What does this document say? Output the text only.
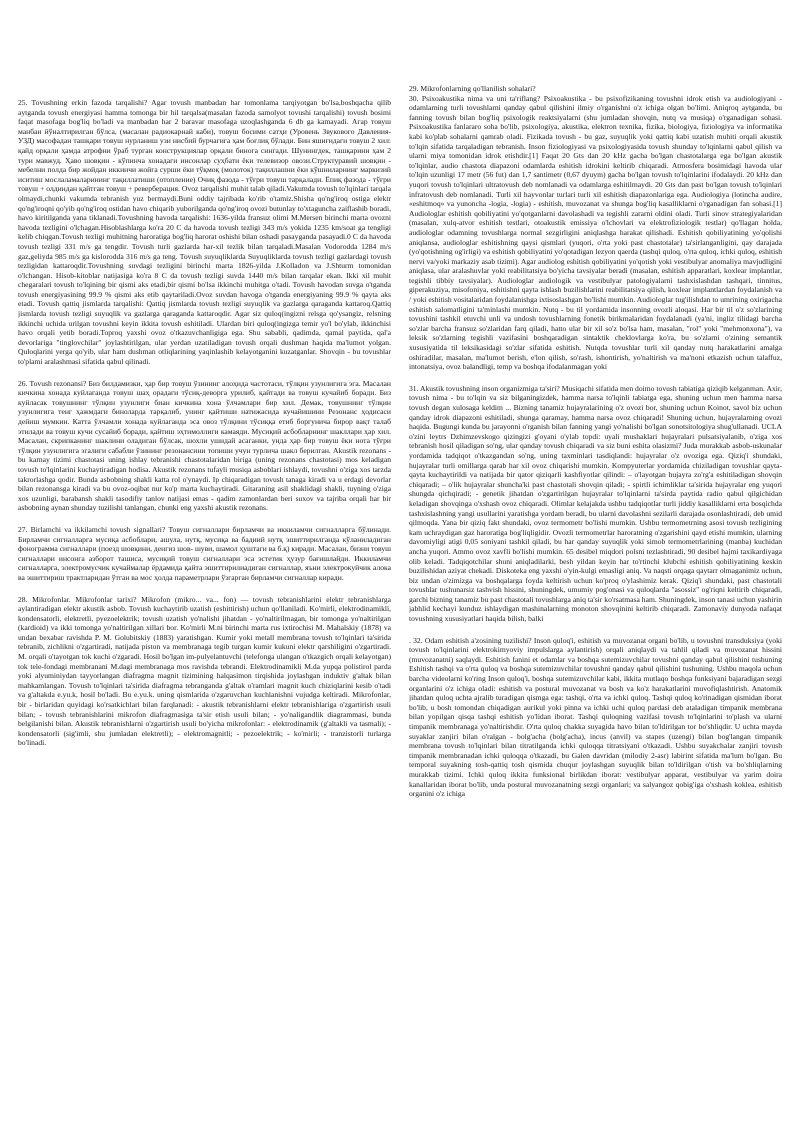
25. Tovushning erkin fazoda tarqalishi? Agar tovush manbadan har tomonlama tarqiyotgan bo'lsa,boshqacha qilib aytganda tovush energiyasi hamma tomonga bir hil tarqalsa(masalan fazoda samolyot tovushi tarqalishi) tovush bosimi faqat masofaga bog'liq bo'ladi va manbadan har 2 baravar masofaga uzoqlashganda 6 db ga kamayadi. Агар товуш манбаи йўналтирилган бўлса, (масалан радиокарнай каби), товуш босими сатҳи (Уровень Звукового Давления-УЗД) масофадан ташқари товуш нурланиш узи ниcбий бурчагига ҳам боғлиқ бўлади. Бин яшиғидаги товуш 2 хил: қайд орқали ҳамда атрофни ўраб турган конструкциялар орқали бинога сингади. Шунингдек, ташқарини ҳам 2 тури мавжуд. Ҳаво шовқин - кўпинча хонадаги инсонлар суҳбати ёки телевизор овози.Структуравий шовқин - мебелни полда бир жойдан иккинчи жойга сурши ёки тўқмоқ (молоток) тақиллашни ёки кўшниларнинг маркизий иситиш мослаламаларининг тақиллатиши (отопление) Очиқ фазода - тўғри товуш тарқалади. Ёпиқ фазода - тўғри товуш + олдиндан қайтган товуш + реверберация. Ovoz tarqalishi muhit talab qiladi.Vakumda tovush to'lqinlari tarqala olmaydi,chunki vakumda tebranish yuz bermaydi.Buni oddiy tajribada ko'rib o'tamiz.Shisha qo'ng'iroq ostiga elektr qo'ng'iroqni qo'yib qo'ng'iroq ostidan havo chiqarib yuborilganda qo'ng'iroq ovozi butunlay to'xtaguncha zaiflashib boradi, havo kiritilganda yana tiklanadi.Tovushning havoda tarqalishi: 1636-yilda fransuz olimi M.Mersen birinchi marta ovozni havoda tezligini o'lchagan.Hisoblashlarga ko'ra 20 C da havoda tovush tezligi 343 m/s yokida 1235 km/soat ga tengligi kelib chiqgan.Tovush tezligi muhitning haroratiga bog'liq harorat oshishi bilan oshadi pasayganda pasayadi.0 C da havoda tovush tezligi 331 m/s ga tengdir. Tovush turli gazlarda har-xil tezlik bilan tarqaladi.Masalan Vodorodda 1284 m/s gaz,geliyda 985 m/s ga kislorodda 316 m/s ga teng. Tovush suyuqliklarda Suyuqliklarda tovush tezligi gazlardagi tovush tezligidan kattaroqdir.Tovushning suvdagi tezligini birinchi marta 1826-yilda J.Kolladon va J.Shturm tomonidan o'lchangan. Hisob-kitoblar natijasiga ko'ra 8 C da tovush tezligi suvda 1440 m/s bilan tarqalar ekan. Ikki xil muhit chegaralari tovush to'lqining bir qismi aks etadi,bir qismi bo'lsa ikkinchi muhitga o'tadi. Tovush havodan suvga o'tganda tovush energiyasining 99.9 % qismi aks etib qaytariladi.Ovoz suvdan havoga o'tganda energiyaning 99.9 % qayta aks etadi. Tovush qattiq jismlarda tarqalishi: Qattiq jismlarda tovush tezligi suyuqlik va gazlarga qaraganda kattaroq.Qattiq jismlarda tovush tezligi suyuqlik va gazlarga qaraganda kattaroqdir. Agar siz quloq(ingizni relsga qo'ysangiz, relsning ikkinchi uchida urilgan tovushni keyin ikkita tovush eshitiladi. Ulardan biri quloq(ingizga temir yo'l bo'ylab, ikkinchisi havo orqali yetib boradi.Toproq yaxshi ovoz o'tkazuvchanligiga ega. Shu sababli, qadimda, qamal paytida, qal'a devorlariga "tinglovchilar" joylashtirilgan, ular yerdan uzatiladigan tovush orqali dushman haqida ma'lumot yolgan. Quloqlarini yerga qo'yib, ular ham dushman otliqlarining yaqinlashib kelayotganini kuzatganlar. Shovqin - bu tovushlar to'plami aralashmasi sifatida qabul qilinadi.

26. Tovush rezonansi? Биз билдамизки, ҳар бир товуш ўзининг алоҳида частотаси, тўлқин узунлигига эга. Масалан кичкина хонада куйлаганда товуш шаҳ орадаги тўсиқ-деворга урилиб, қайтади ва товуш кучайиб боради. Биз куйласак товушнинг тўлқин узунлиги биан кичкина хона ўлчамлари бир хил. Демак, товушнинг тўлқин узунлигига тенг ҳажмдаги биноларда тарқалиб, унинг қайтиши натижасида кучайишини Резонанс ҳодисаси дейиш мумкин. Катта ўлчамли хонада куйлаганда эса овоз тўлқини тўсиққа етиб боргунича бирор вақт талаб этилади ва товуш кучи сусайиб боради, қайтиш эҳтимоллиги камаяди. Мусиқий асбобларнинг шакллари ҳар хил. Масалан, скрипканинг шаклини оладиган бўлсак, шохли ушидай асаганки, унда ҳар бир товуш ёки нота тўғри тўлқин узунлигига эгалиги сабабли ўзининг резонансини топиши учун турлича шакл берилган. Akustik rezonans - bu karnay tizimi chastotasi uning ishlay tebranishi chastotalaridan biriga (uning rezonans chastotasi) mos keladigan tovush to'lqinlarini kuchaytiradigan hodisa. Akustik rezonans tufayli musiqa asboblari ishlaydi, tovushni o'ziga xos tarzda takrorlashga qodir. Bunda asbobning shakli katta rol o'ynaydi. Ip chiqaradigan tovush tanaga kiradi va u erdagi devorlar bilan rezonansga kiradi va bu ovoz-oqibat nur ko'p marta kuchaytiradi. Gitaraning asil shaklidagi shakli, tuyning o'ziga xos uzunligi, barabansh shakli tasodifiy tanlov natijasi emas - qadim zamonlardan beri suxov va tajriba orqali har bir asbobning aynan shunday tuzilishi tanlangan, chunki eng yaxshi akustik rezonans.

27. Birlamchi va ikkilamchi tovush signallari? Товуш сигналлари бирламчи ва иккиламчи сигналларга бўлинади. Бирламчи сигналларга мусиқа асбоблари, ашула, нутқ, мусиқа ва бадиий нутқ эшиттирилганда кўланиладиган фонограмма сигналлари (поезд шовқини, денгиз шов- шуви, шамол ҳуштаги ва б.қ) киради. Масалан, бизни товуш сигналлари инсонга азборот ташиса, мусиқий товуш сигналлари эса эстетик ҳузур бағишлайди. Иккиламчи сигналларга, электромусчик кучаймалар ёрдамида қайта эшиттирилиадиган сигналлар, яъни электрокуйчик алока ва эшиттириш трактларидан ўтган ва мос ҳолда параметрлари ўзгарган бирламчи сигналлар киради.

28. Mikrofonlar. Mikrofonlar tarixi? Mikrofon (mikro... va... fon) — tovush tebranishlarini elektr tebranishlarga aylantiradigan elektr akustik asbob. Tovush kuchaytirib uzatish (eshittirish) uchun qo'llaniladi. Ko'mirli, elektrodinamikli, kondensatorli, elektretli, pyezoelektrik; tovush uzatish yo'nalishi jihatdan - yo'naltirilmagan, bir tomonga yo'naltirilgan (kardioid) va ikki tomonga yo'naltirilgan xillari bor. Ko'mirli M.ni birinchi marta rus ixtirochisi M. Mahalskiy (1878) va undan bexabar ravishda P. M. Golubitskiy (1883) yaratishgan. Kumir yoki metall membrana tovush to'lqinlari ta'sirida tebranib, zichlikni o'zgartiradi, natijada piston va membranaga tegib turgan kumir kukuni elektr qarshiligini o'zgartiradi. M. orqali o'tayotgan tok kuchi o'zgaradi. Hosil bo'lgan im-pulyelantuvchi (telefonga ulangan o'tkazgich orqali kelayotgan) tok tele-fondagi membranani M.dagi membranaga mos ravishda tebrandi. Elektrodinamikli M.da yupqa polistirol parda yoki alyuminiydan tayyorlangan diafragma magnit tizimining halqasimon tirqishida joylashgan induktiv g'altak bilan mahkamlangan. Tovush to'lqinlari ta'sirida diafragma tebranganda g'altak o'ramlari magnit kuch chiziqlarini kesib o'tadi va g'altakda e.yu.k, hosil bo'ladi. Bu e.yu.k. uning qismlarida o'zgaruvchan kuchlanishni vujudga keltiradi. Mikrofonlar, bir - birlaridan quyidagi ko'rsatkichlari bilan farqlanadi: - akustik tebranishlarni elektr tebranishlariga o'zgartirish usuli bilan; - tovush tebranishlarini mikrofon diafragmasiga ta'sir etish usuli bilan; - yo'naligandlik diagrammasi, bunda belgilanishi bilan. Akustik tebranishlarni o'zgartirish usuli bo'yicha mikrofonlar: - elektrodinamik (g'altakli va tasmali); - kondensatorli (sig'imli, shu jumladan elektretli); - elektromagnitli; - pezoelektrik; - ko'mirli; - tranzistorli turlarga bo'linadi.

29. Mikrofonlarning qo'llanilish sohalari?

30. Psixoakustika nima va uni ta'riflang? Psixoakustika - bu psixofizikaning tovushni idrok etish va audiologiyani - odamlarning turli tovushlarni qanday qabul qilishini ilmiy o'rganishni o'z ichiga olgan bo'limi. Aniqroq aytganda, bu fanning tovush bilan bog'liq psixologik reaktsiyalarni (shu jumladan shovqin, nutq va musiqa) o'rganadigan sohasi. Psixoakustika fanlararo soha bo'lib, psixologiya, akustika, elektron texnika, fizika, biologiya, fiziologiya va informatika kabi ko'plab sohalarni qamrab oladi. Fizikada tovush - bu gaz, suyuqlik yoki qattiq kabi uzatish muhiti orqali akustik to'lqin sifatida tarqaladigan tebranish. Inson fiziologiyasi va psixologiyasida tovush shunday to'lqinlarni qabul qilish va ularni miya tomonidan idrok etishdir.[1] Faqat 20 Gts dan 20 kHz gacha bo'lgan chastotalarga ega bo'lgan akustik to'lqinlar, audio chastota diapazoni odamlarda eshitish idrokini keltirib chiqaradi. Atmosfera bosimidagi havoda ular to'lqin uzunligi 17 metr (56 fut) dan 1,7 santimetr (0,67 dyuym) gacha bo'lgan tovush to'lqinlarini ifodalaydi. 20 kHz dan yuqori tovush to'lqinlari ultratovush deb nomlanadi va odamlarga eshitilmaydi. 20 Gts dan past bo'lgan tovush to'lqinlari infratovush deb nomlanadi. Turli xil hayvonlar turlari turli xil eshitish diapazonlariga ega. Audiologiya (lotincha audire, «eshitmoq» va yunoncha -logia, -logia) - eshitish, muvozanat va shunga bog'liq kasalliklarni o'rganadigan fan sohasi.[1] Audiologlar eshitish qobiliyatini yo'qotganlarni davolashadi va tegishli zararni oldini oladi. Turli sinov strategiyalaridan (masalan, xulq-atvor eshitish testlari, otoakustik emissiya o'lchovlari va elektrofiziologik testlar) qo'llagan holda, audiologlar odamning tovushlarga normal sezgirligini aniqlashga harakat qilishadi. Eshitish qobiliyatining yo'qolishi aniqlansa, audiologlar eshitishning qaysi qismlari (yuqori, o'rta yoki past chastotalar) ta'sirlanganligini, qay darajada (yo'qotishning og'irligi) va eshitish qobiliyatini yo'qotadigan lezyon qaerda (tashqi quloq, o'rta quloq, ichki quloq, eshitish nervi va/yoki markaziy asab tizimi). Agar audiolog eshitish qobiliyatini yo'qotish yoki vestibulyar anomaliya mavjudligini aniqlasa, ular aralashuvlar yoki reabilitatsiya bo'yicha tavsiyalar beradi (masalan, eshitish apparatlari, koxlear implantlar, tegishli tibbiy tavsiyalar). Audiologlar audiologik va vestibulyar patologiyalarni tashxislashdan tashqari, tinnitus, giperakuziya, misofoniya, eshitishni qayta ishlash buzilishlarini reabilitatsiya qilish, koxlear implantlardan foydalanish va / yoki eshitish vositalaridan foydalanishga ixtisoslashgan bo'lishi mumkin. Audiologlar tug'ilishdan to umrining oxirigacha eshitish salomatligini ta'minlashi mumkin. Nutq - bu til yordamida insonning ovozli aloqasi. Har bir til o'z so'zlarining tovushini tashkil etuvchi unli va undosh tovushlarning fonetik birikmalaridan foydalanadi (ya'ni, ingliz tilidagi barcha so'zlar barcha fransuz so'zlaridan farq qiladi, hatto ular bir xil so'z bo'lsa ham, masalan, "rol" yoki "mehmonxona"), va leksik so'zlarning tegishli vazifasini boshqaradigan sintaktik cheklovlarga ko'ra, bu so'zlarni o'zining semantik xususiyatida til leksikasidagi so'zlar sifatida eshitish. Nutqda tovushlar turli xil qanday nutq harakatlarini amalga oshiradilar, masalan, ma'lumot berish, e'lon qilish, so'rash, ishontirish, yo'naltirish va ma'noni etkazish uchun talaffuz, intonatsiya, ovoz balandligi, temp va boshqa ifodalanmagan yoki

31. Akustik tovushning inson organizmiga ta'siri? Musiqachi sifatida men doimo tovush tabiatiga qiziqib kelganman. Axir, tovush nima - bu to'lqin va siz bilganingizdek, hamma narsa to'lqinli tabiatga ega, shuning uchun men hamma narsa tovush degan xulosaga keldim ... Bizning tanamiz hujayralarining o'z ovozi bor, shuning uchun Koinot, savol biz uchun qanday idrok diapazoni eshitiladi, shunga qaramay, hamma narsa ovoz chiqaradi! Shuning uchun, hujayralarning ovozi haqida. Bugungi kunda bu jarayonni o'rganish bilan fanning yangi yo'nalishi bo'lgan sonotsitologiya shug'ullanadi. UCLA o'zini leytrs Dzhimzevskogo qizingizi g'oyani o'ylab topdi: uyali mushaklari hujayralari pulsatsiyalanib, o'ziga xos tebranish hosil qiladigan so'ng, ular qanday tovush chiqaradi va siz buni eshita olasizmi? Juda murakkab asbob-uskunalar yordamida tadqiqot o'tkazgandan so'ng, uning taxminlari tasdiqlandi: hujayralar o'z ovoziga ega. Qiziq'i shundaki, hujayralar turli omillarga qarab har xil ovoz chiqarishi mumkin. Kompyuterlar yordamida chiziladigan tovushlar qayta-qayta kuchaytirildi va natijada bir qator qiziqarli kashfiyotlar qilindi: – o'layotgan hujayra zo'rg'a eshitiladigan shovqin chiqaradi; – o'lik hujayralar shuncha'ki past chastotali shovqin qiladi; - spirtli ichimliklar ta'sirida hujayralar eng yuqori shungda qichqiradi; - genetik jihatdan o'zgartirilgan hujayralar to'lqinlarni ta'sirda paytida radio qabul qilgichidan keladigan shovqinga o'xshash ovoz chiqaradi. Olimlar kelajakda ushbu tadqiqotlar turli jiddiy kasalliklarni erta bosqichda tashxislashning yangi usullarini yaratishga yordam beradi, bu ularni davolashni sezilarli darajada osonlashtiradi, deb umid qilmoqda. Yana bir qiziq fakt shundaki, ovoz termometr bo'lishi mumkin. Ushbu termometrning asosi tovush tezligining kam uchraydigan gaz haroratiga bog'liqligidir. Ovozli termometrlar haroratning o'zgarishini qayd etishi mumkin, ularning davomiyligi atigi 0,05 soniyani tashkil qiladi, bu har qanday suyuqlik yoki simob termometrlarining (manba) kuchidan ancha yuqori. Ammo ovoz xavfli bo'lishi mumkin. 65 desibel miqdori polsni tezlashtiradi, 90 desibel hajmi taxikardiyaga olib keladi. Tadqiqotchilar shuni aniqladilarki, besh yildan keyin har to'rtinchi klubchi eshitish qobiliyatining keskin buzilishidan aziyat chekadi. Diskotekа eng yaxshi o'yin-kulgi emasligi aniq. Va naqsti orqaga qaytarr olmaganimiz uchun, biz undan o'zimizga va boshqalarga foyda keltirish uchun ko'proq o'ylashimiz kerak. Qiziq'i shundaki, past chastotali tovushlar tushunarsiz tashvish hissini, shuningdek, umumiy pog'onasi va quloqlarda "asossiz" og'riqni keltirib chiqaradi, garchi bizning tanamiz bu past chastotali tovushlarga aniq ta'sir ko'rsatmasa ham. Shuningdek, inson tanasi uchun yashirin jabhlid kechayi kunduz ishlaydigan mashinalarning monoton shovqinini keltirib chiqaradi. Zamonaviy dunyoda nafaqat tovushning xususiyatlari haqida bilish, balki

. 32. Odam eshitish a'zosining tuzilishi? Inson quloq'i, eshitish va muvozanat organi bo'lib, u tovushni transduksiya (yoki tovush to'lqinlarini elektrokimyoviy impulslarga aylantirish) orqali aniqlaydi va tahlil qiladi va muvozanat hissini (muvozanatni) saqlaydi. Eshitish fanini et odamlar va boshqa sutemizuvchilar tovushni qanday qabul qilishini tushuning Eshitish tashqi va o'rta quloq va boshqa sutemizuvchilar tovushni qanday qabul qilishini tushuning. Ushbu maqola uchun barcha videolarni ko'ring Inson quloq'i, boshqa sutemizuvchilar kabi, ikkita mutlaqo boshqa funksiyani bajaradigan sezgi organlarini o'z ichiga oladi: eshitish va postural muvozanat va bosh va ko'z harakatlarini muvofiqlashtirish. Anatomik jihatdan quloq uchta ajralib turadigan qismga ega: tashqi, o'rta va ichki quloq. Tashqi quloq ko'rinadigan qismidan iborat bo'lib, u bosh tomondan chiqadigan aurikul yoki pinna va ichki uchi quloq pardasi deb ataladigan timpanik membrana bilan yopilgan qisqa tashqi eshitish yo'lidan iborat. Tashqi quloqning vazifasi tovush to'lqinlarini to'plash va ularni timpanik membranaga yo'naltirishdir. O'rta quloq chakka suyagida havo bilan to'ldirilgan tor bo'shliqdir. U uchta mayda suyaklar zanjiri bilan o'ralgan - bolg'acha (bolg'acha), incus (anvil) va stapes (uzengi) bilan bog'langan timpanik membrana tovush to'lqinlari bilan titratilganda ichki quloqqa titratsiyani o'tkazadi. Ushbu suyakchalar zanjiri tovush timpanik membranadan ichki quloqqa o'tkazadi, bu Galen davridan (milodiy 2-asr) labirint sifatida ma'lum bo'lgan. Bu temporal suyakning tosh-qattiq tosh qismida chuqur joylashgan suyuqlik bilan to'ldirilgan o'tish va bo'shliqlarning murakkab tizimi. Ichki quloq ikkita funksional birlikdan iborat: vestibulyar apparat, vestibulyar va yarim doira kanallaridan iborat bo'lib, unda postural muvozanatning sezgi organlari; va salyangoz qobig'iga o'xshash koklea, eshitish organini o'z ichiga
